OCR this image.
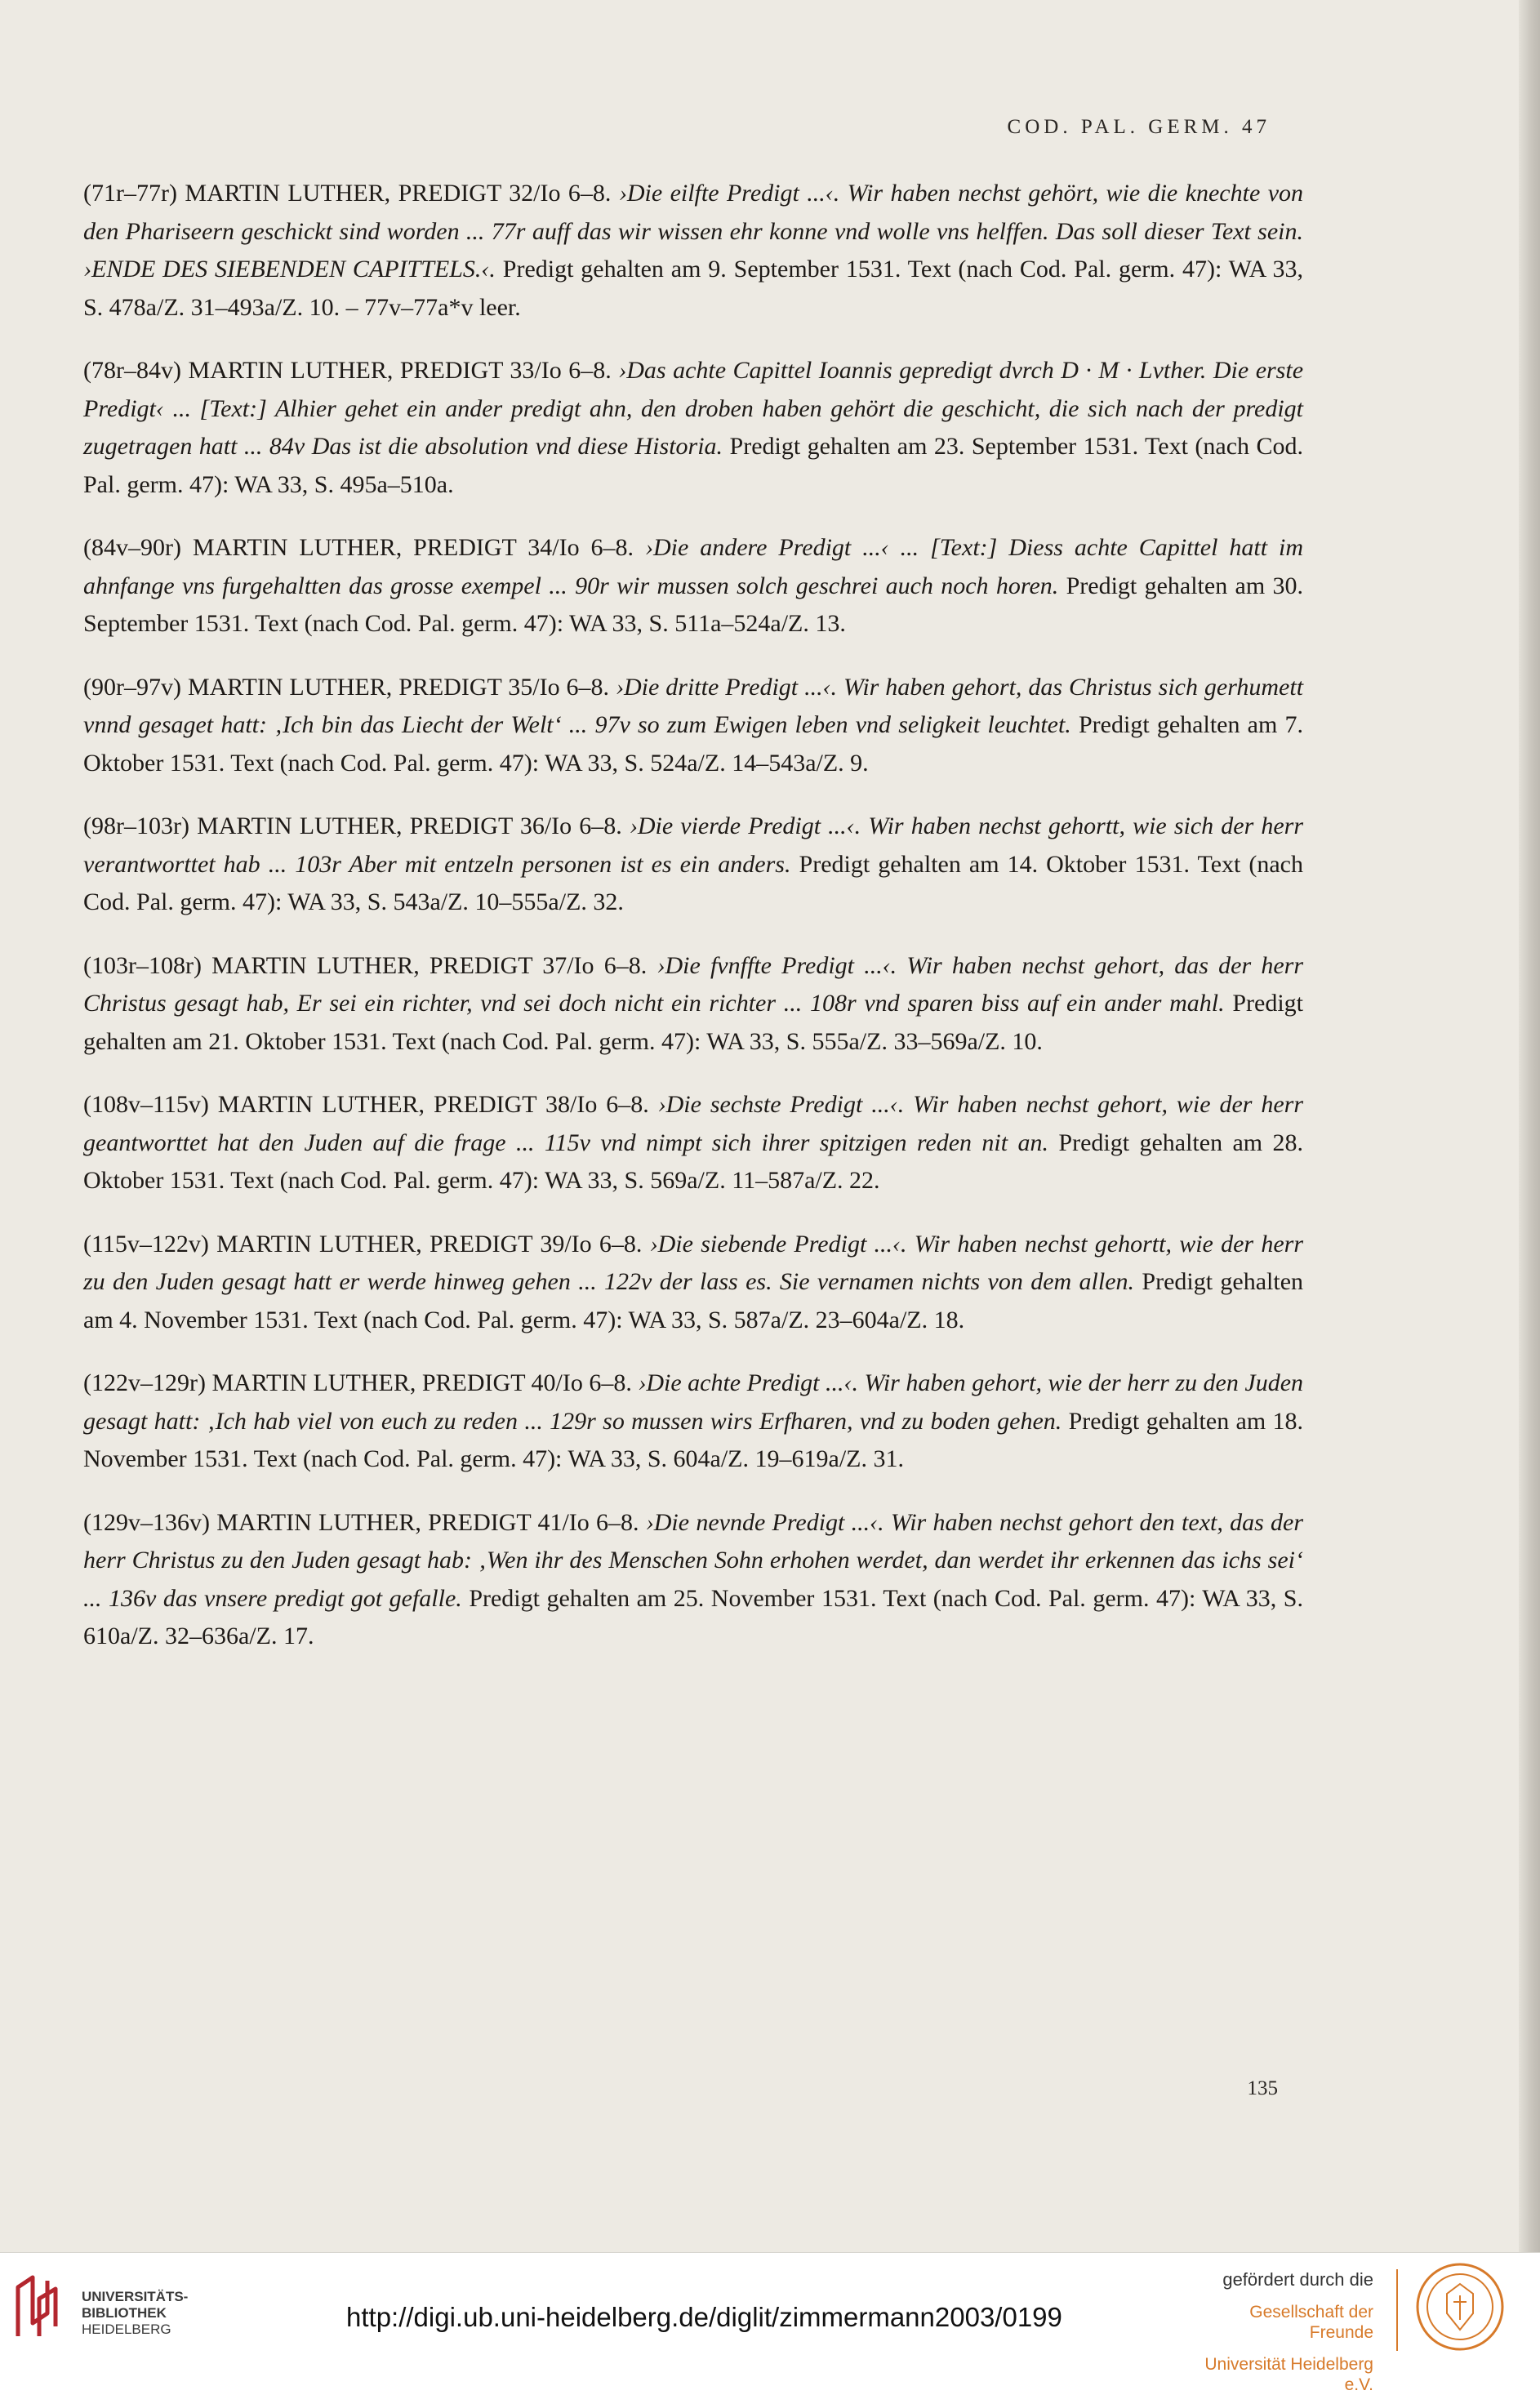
COD. PAL. GERM. 47

(71r–77r) MARTIN LUTHER, PREDIGT 32/Io 6–8. ›Die eilfte Predigt ...‹. Wir haben nechst gehört, wie die knechte von den Phariseern geschickt sind worden ... 77r auff das wir wissen ehr konne vnd wolle vns helffen. Das soll dieser Text sein. ›ENDE DES SIEBENDEN CAPITTELS.‹. Predigt gehalten am 9. September 1531. Text (nach Cod. Pal. germ. 47): WA 33, S. 478a/Z. 31–493a/Z. 10. – 77v–77a*v leer.

(78r–84v) MARTIN LUTHER, PREDIGT 33/Io 6–8. ›Das achte Capittel Ioannis gepredigt dvrch D · M · Lvther. Die erste Predigt‹ ... [Text:] Alhier gehet ein ander predigt ahn, den droben haben gehört die geschicht, die sich nach der predigt zugetragen hatt ... 84v Das ist die absolution vnd diese Historia. Predigt gehalten am 23. September 1531. Text (nach Cod. Pal. germ. 47): WA 33, S. 495a–510a.

(84v–90r) MARTIN LUTHER, PREDIGT 34/Io 6–8. ›Die andere Predigt ...‹ ... [Text:] Diess achte Capittel hatt im ahnfange vns furgehaltten das grosse exempel ... 90r wir mussen solch geschrei auch noch horen. Predigt gehalten am 30. September 1531. Text (nach Cod. Pal. germ. 47): WA 33, S. 511a–524a/Z. 13.

(90r–97v) MARTIN LUTHER, PREDIGT 35/Io 6–8. ›Die dritte Predigt ...‹. Wir haben gehort, das Christus sich gerhumett vnnd gesaget hatt: ‚Ich bin das Liecht der Welt‘ ... 97v so zum Ewigen leben vnd seligkeit leuchtet. Predigt gehalten am 7. Oktober 1531. Text (nach Cod. Pal. germ. 47): WA 33, S. 524a/Z. 14–543a/Z. 9.

(98r–103r) MARTIN LUTHER, PREDIGT 36/Io 6–8. ›Die vierde Predigt ...‹. Wir haben nechst gehortt, wie sich der herr verantworttet hab ... 103r Aber mit entzeln personen ist es ein anders. Predigt gehalten am 14. Oktober 1531. Text (nach Cod. Pal. germ. 47): WA 33, S. 543a/Z. 10–555a/Z. 32.

(103r–108r) MARTIN LUTHER, PREDIGT 37/Io 6–8. ›Die fvnffte Predigt ...‹. Wir haben nechst gehort, das der herr Christus gesagt hab, Er sei ein richter, vnd sei doch nicht ein richter ... 108r vnd sparen biss auf ein ander mahl. Predigt gehalten am 21. Oktober 1531. Text (nach Cod. Pal. germ. 47): WA 33, S. 555a/Z. 33–569a/Z. 10.

(108v–115v) MARTIN LUTHER, PREDIGT 38/Io 6–8. ›Die sechste Predigt ...‹. Wir haben nechst gehort, wie der herr geantworttet hat den Juden auf die frage ... 115v vnd nimpt sich ihrer spitzigen reden nit an. Predigt gehalten am 28. Oktober 1531. Text (nach Cod. Pal. germ. 47): WA 33, S. 569a/Z. 11–587a/Z. 22.

(115v–122v) MARTIN LUTHER, PREDIGT 39/Io 6–8. ›Die siebende Predigt ...‹. Wir haben nechst gehortt, wie der herr zu den Juden gesagt hatt er werde hinweg gehen ... 122v der lass es. Sie vernamen nichts von dem allen. Predigt gehalten am 4. November 1531. Text (nach Cod. Pal. germ. 47): WA 33, S. 587a/Z. 23–604a/Z. 18.

(122v–129r) MARTIN LUTHER, PREDIGT 40/Io 6–8. ›Die achte Predigt ...‹. Wir haben gehort, wie der herr zu den Juden gesagt hatt: ‚Ich hab viel von euch zu reden ... 129r so mussen wirs Erfharen, vnd zu boden gehen. Predigt gehalten am 18. November 1531. Text (nach Cod. Pal. germ. 47): WA 33, S. 604a/Z. 19–619a/Z. 31.

(129v–136v) MARTIN LUTHER, PREDIGT 41/Io 6–8. ›Die nevnde Predigt ...‹. Wir haben nechst gehort den text, das der herr Christus zu den Juden gesagt hab: ‚Wen ihr des Menschen Sohn erhohen werdet, dan werdet ihr erkennen das ichs sei‘ ... 136v das vnsere predigt got gefalle. Predigt gehalten am 25. November 1531. Text (nach Cod. Pal. germ. 47): WA 33, S. 610a/Z. 32–636a/Z. 17.

135
UNIVERSITÄTS-
BIBLIOTHEK
HEIDELBERG	http://digi.ub.uni-heidelberg.de/diglit/zimmermann2003/0199
gefördert durch die
Gesellschaft der Freunde
Universität Heidelberg e.V.
